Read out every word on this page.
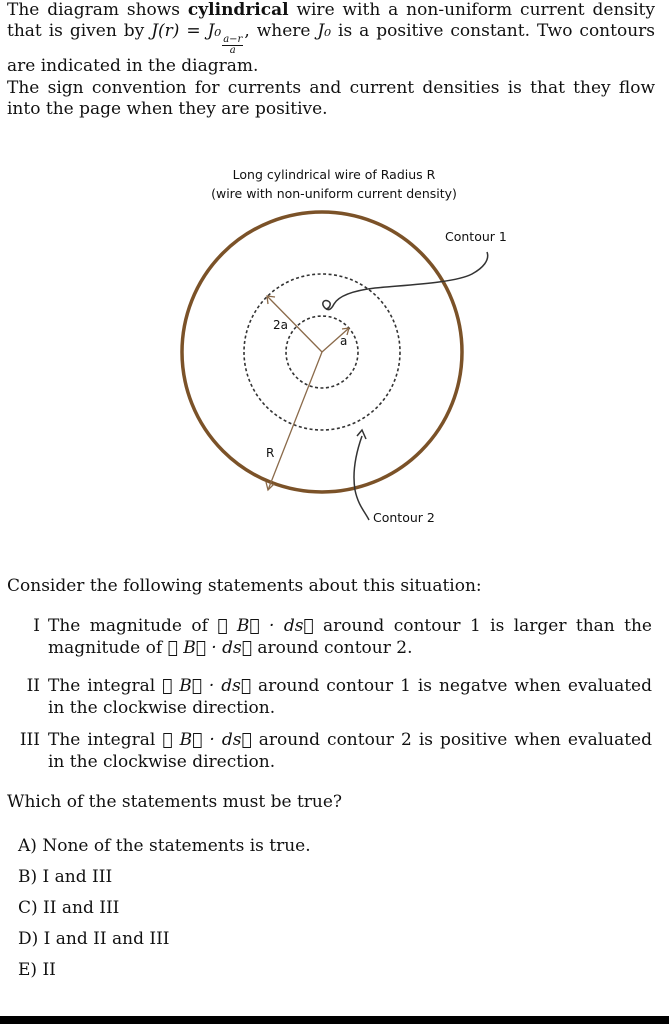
The diagram shows cylindrical wire with a non-uniform current density that is given by J(r) = J₀
$\frac{a-r}{a}$
, where J₀ is a positive constant. Two contours are indicated in the diagram.
The sign convention for currents and current densities is that they flow into the page when they are positive.
Long cylindrical wire of Radius R
(wire with non-uniform current density)
2a
a
R
Contour 1
Contour 2
Consider the following statements about this situation:
I The magnitude of ∮ B⃗ · ds⃗ around contour 1 is larger than the magnitude of ∮ B⃗ · ds⃗ around contour 2.
II The integral ∮ B⃗ · ds⃗ around contour 1 is negatve when evaluated in the clockwise direction.
III The integral ∮ B⃗ · ds⃗ around contour 2 is positive when evaluated in the clockwise direction.
Which of the statements must be true?
A) None of the statements is true.
B) I and III
C) II and III
D) I and II and III
E) II
